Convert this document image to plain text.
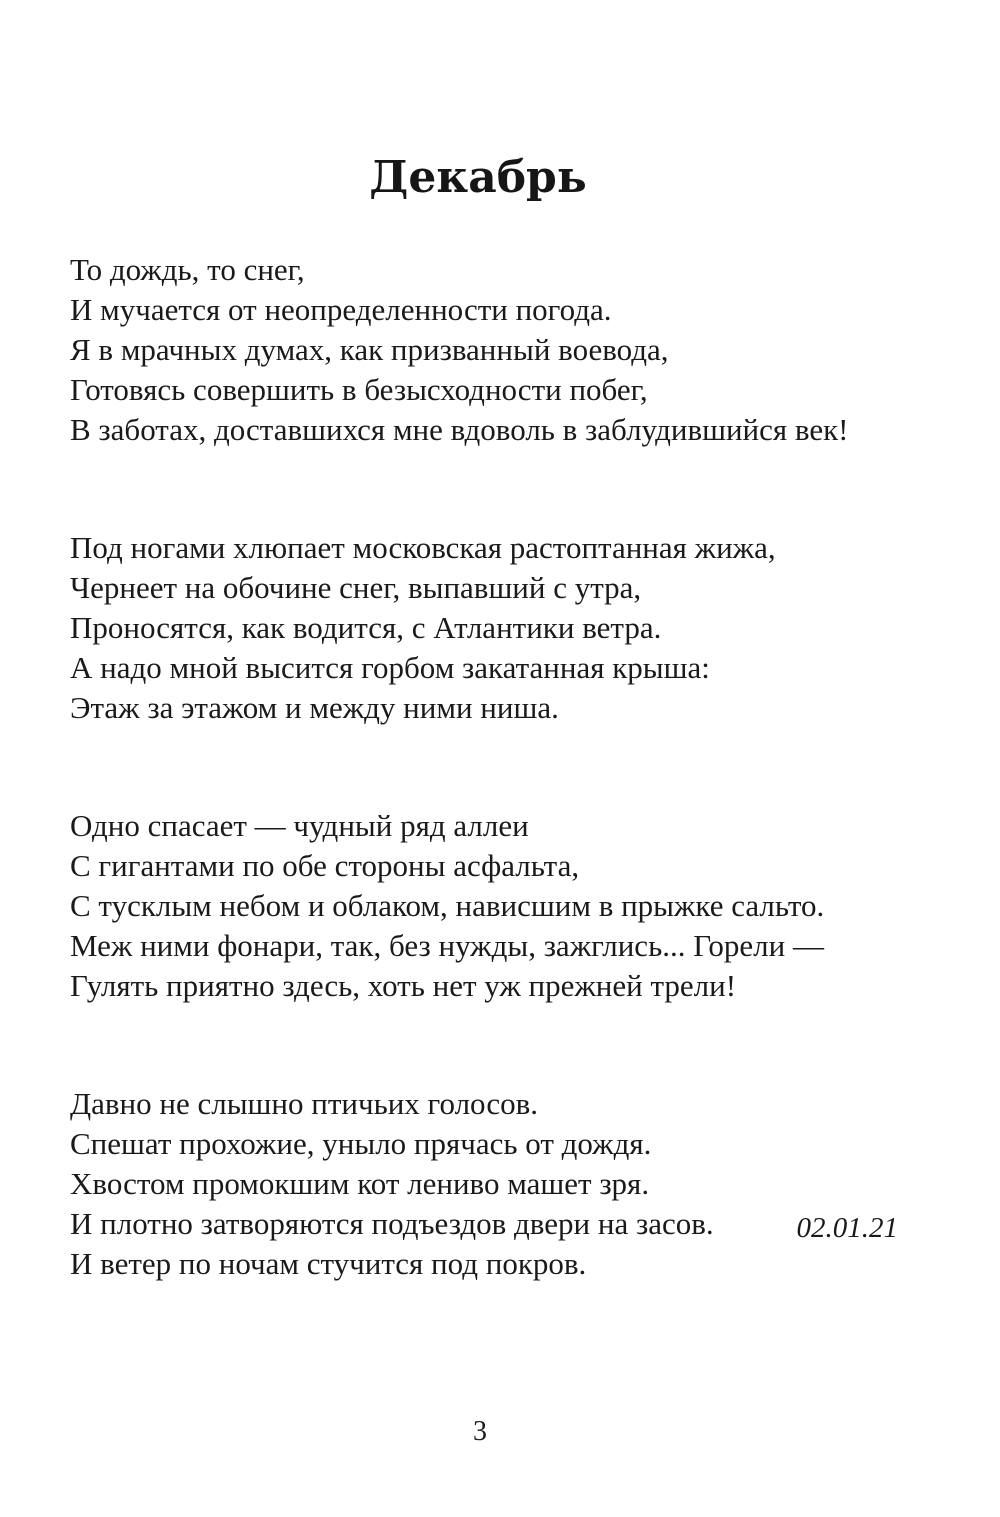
Декабрь
То дождь, то снег,
И мучается от неопределенности погода.
Я в мрачных думах, как призванный воевода,
Готовясь совершить в безысходности побег,
В заботах, доставшихся мне вдоволь в заблудившийся век!
Под ногами хлюпает московская растоптанная жижа,
Чернеет на обочине снег, выпавший с утра,
Проносятся, как водится, с Атлантики ветра.
А надо мной высится горбом закатанная крыша:
Этаж за этажом и между ними ниша.
Одно спасает — чудный ряд аллеи
С гигантами по обе стороны асфальта,
С тусклым небом и облаком, нависшим в прыжке сальто.
Меж ними фонари, так, без нужды, зажглись... Горели —
Гулять приятно здесь, хоть нет уж прежней трели!
Давно не слышно птичьих голосов.
Спешат прохожие, уныло прячась от дождя.
Хвостом промокшим кот лениво машет зря.
И плотно затворяются подъездов двери на засов.
И ветер по ночам стучится под покров.
02.01.21
3
